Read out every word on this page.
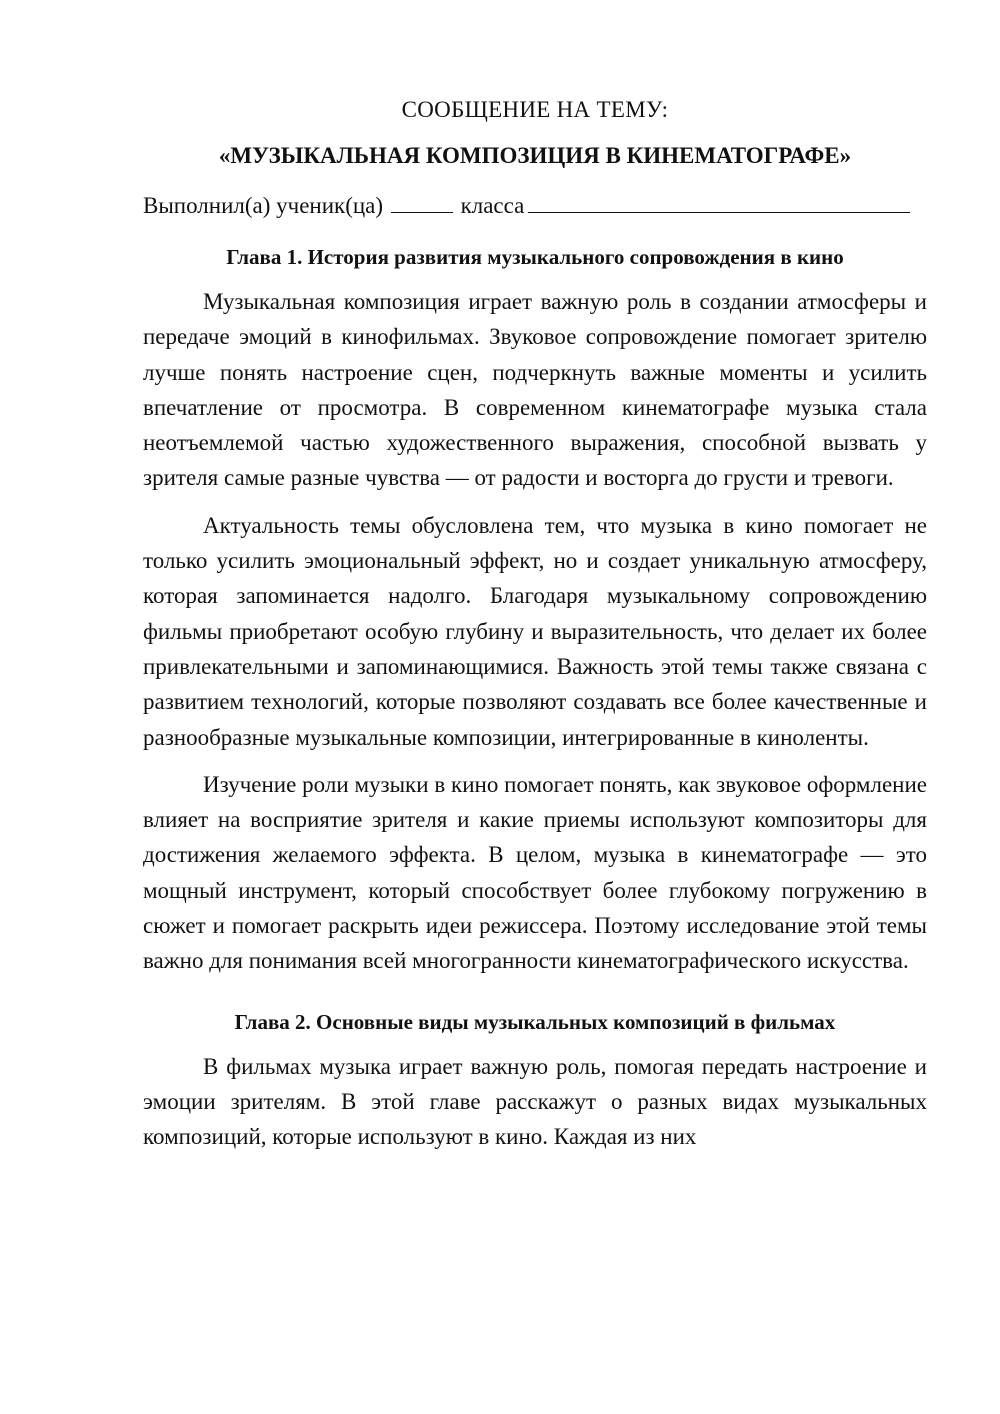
СООБЩЕНИЕ НА ТЕМУ:

«МУЗЫКАЛЬНАЯ КОМПОЗИЦИЯ В КИНЕМАТОГРАФЕ»

Выполнил(а) ученик(ца)	класса
Глава 1. История развития музыкального сопровождения в кино

Музыкальная композиция играет важную роль в создании атмосферы и передаче эмоций в кинофильмах. Звуковое сопровождение помогает зрителю лучше понять настроение сцен, подчеркнуть важные моменты и усилить впечатление от просмотра. В современном кинематографе музыка стала неотъемлемой частью художественного выражения, способной вызвать у зрителя самые разные чувства — от радости и восторга до грусти и тревоги.

Актуальность темы обусловлена тем, что музыка в кино помогает не только усилить эмоциональный эффект, но и создает уникальную атмосферу, которая запоминается надолго. Благодаря музыкальному сопровождению фильмы приобретают особую глубину и выразительность, что делает их более привлекательными и запоминающимися. Важность этой темы также связана с развитием технологий, которые позволяют создавать все более качественные и разнообразные музыкальные композиции, интегрированные в киноленты.

Изучение роли музыки в кино помогает понять, как звуковое оформление влияет на восприятие зрителя и какие приемы используют композиторы для достижения желаемого эффекта. В целом, музыка в кинематографе — это мощный инструмент, который способствует более глубокому погружению в сюжет и помогает раскрыть идеи режиссера. Поэтому исследование этой темы важно для понимания всей многогранности кинематографического искусства.

Глава 2. Основные виды музыкальных композиций в фильмах

В фильмах музыка играет важную роль, помогая передать настроение и эмоции зрителям. В этой главе расскажут о разных видах музыкальных композиций, которые используют в кино. Каждая из них
